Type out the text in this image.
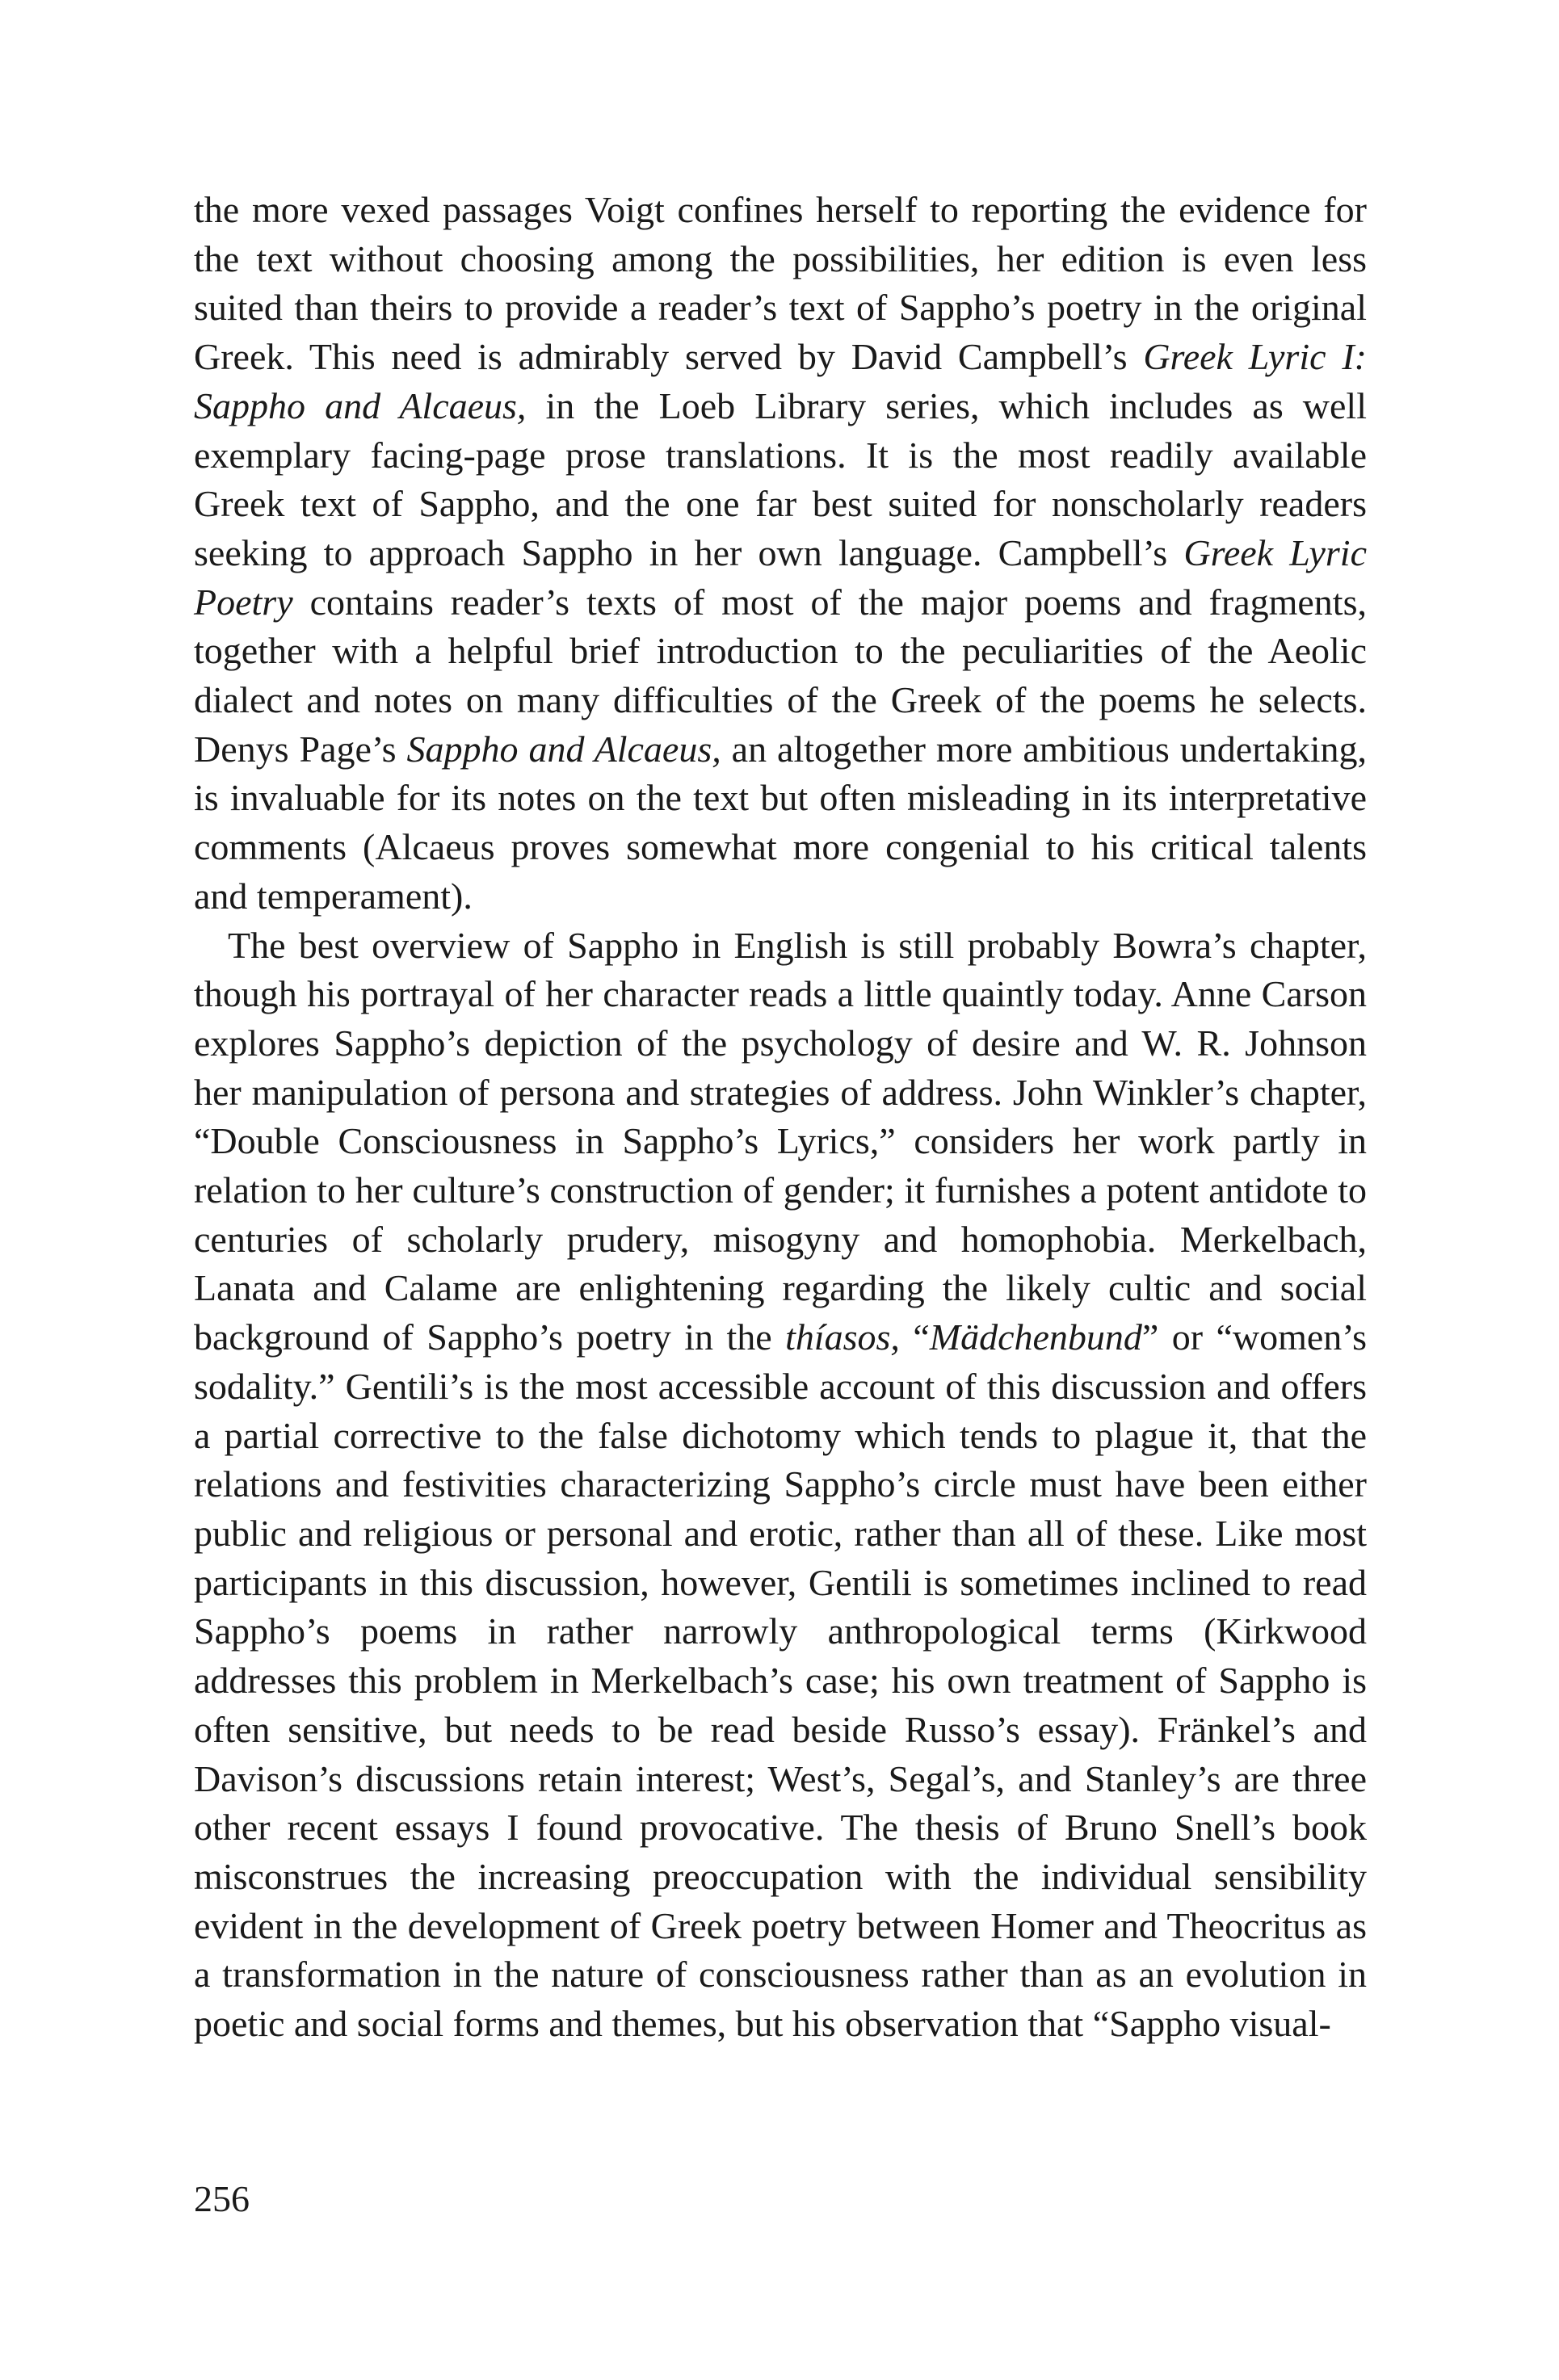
the more vexed passages Voigt confines herself to reporting the evidence for the text without choosing among the possibilities, her edition is even less suited than theirs to provide a reader’s text of Sappho’s poetry in the original Greek. This need is admirably served by David Campbell’s Greek Lyric I: Sappho and Alcaeus, in the Loeb Library series, which includes as well exemplary facing-page prose translations. It is the most readily available Greek text of Sappho, and the one far best suited for nonscholarly readers seeking to approach Sappho in her own language. Campbell’s Greek Lyric Poetry contains reader’s texts of most of the major poems and fragments, together with a helpful brief introduction to the peculiarities of the Aeolic dialect and notes on many difficulties of the Greek of the poems he selects. Denys Page’s Sappho and Alcaeus, an altogether more ambitious undertaking, is invaluable for its notes on the text but often misleading in its interpretative comments (Alcaeus proves somewhat more congenial to his critical talents and temperament).

The best overview of Sappho in English is still probably Bowra’s chapter, though his portrayal of her character reads a little quaintly today. Anne Carson explores Sappho’s depiction of the psychology of desire and W. R. Johnson her manipulation of persona and strategies of address. John Winkler’s chapter, “Double Consciousness in Sappho’s Lyrics,” considers her work partly in relation to her culture’s construction of gender; it furnishes a potent antidote to centuries of scholarly prudery, misogyny and homophobia. Merkelbach, Lanata and Calame are enlightening regarding the likely cultic and social background of Sappho’s poetry in the thíasos, “Mädchenbund” or “women’s sodality.” Gentili’s is the most accessible account of this discussion and offers a partial corrective to the false dichotomy which tends to plague it, that the relations and festivities characterizing Sappho’s circle must have been either public and religious or personal and erotic, rather than all of these. Like most participants in this discussion, however, Gentili is sometimes inclined to read Sappho’s poems in rather narrowly anthropological terms (Kirkwood addresses this problem in Merkelbach’s case; his own treatment of Sappho is often sensitive, but needs to be read beside Russo’s essay). Fränkel’s and Davison’s discussions retain interest; West’s, Segal’s, and Stanley’s are three other recent essays I found provocative. The thesis of Bruno Snell’s book misconstrues the increasing preoccupation with the individual sensibility evident in the development of Greek poetry between Homer and Theocritus as a transformation in the nature of consciousness rather than as an evolution in poetic and social forms and themes, but his observation that “Sappho visual-

256
